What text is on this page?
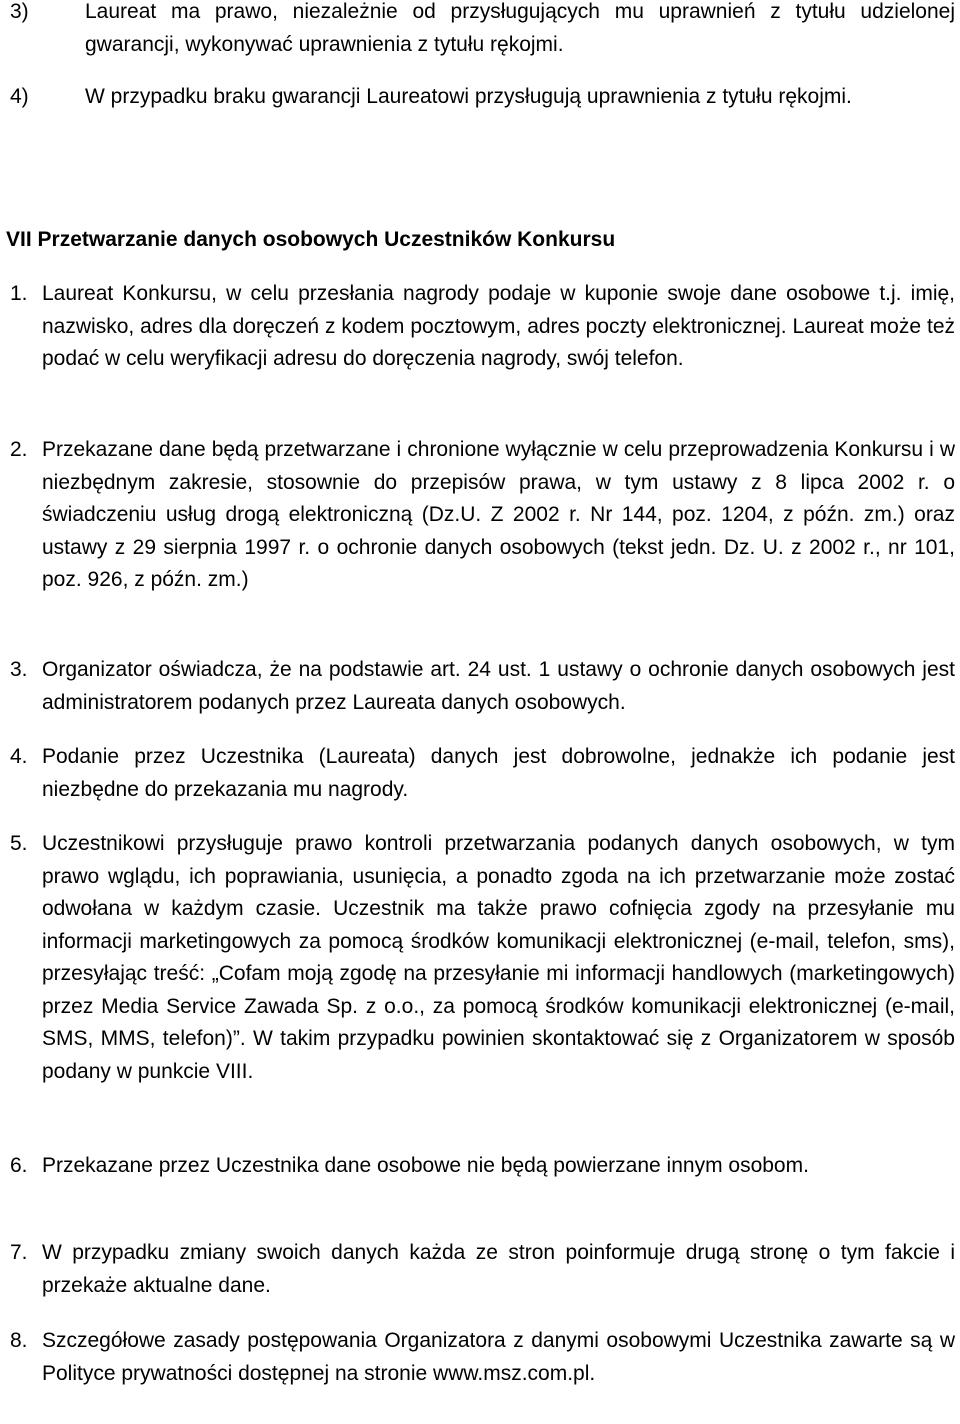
3)	Laureat ma prawo, niezależnie od przysługujących mu uprawnień z tytułu udzielonej gwarancji, wykonywać uprawnienia z tytułu rękojmi.
4)	W przypadku braku gwarancji Laureatowi przysługują uprawnienia z tytułu rękojmi.
VII Przetwarzanie danych osobowych Uczestników Konkursu
1. Laureat Konkursu, w celu przesłania nagrody podaje w kuponie swoje dane osobowe t.j. imię, nazwisko, adres dla doręczeń z kodem pocztowym, adres poczty elektronicznej. Laureat może też podać w celu weryfikacji adresu do doręczenia nagrody, swój telefon.
2. Przekazane dane będą przetwarzane i chronione wyłącznie w celu przeprowadzenia Konkursu i w niezbędnym zakresie, stosownie do przepisów prawa, w tym ustawy z 8 lipca 2002 r. o świadczeniu usług drogą elektroniczną (Dz.U. Z 2002 r. Nr 144, poz. 1204, z późn. zm.) oraz ustawy z 29 sierpnia 1997 r. o ochronie danych osobowych (tekst jedn. Dz. U. z 2002 r., nr 101, poz. 926, z późn. zm.)
3. Organizator oświadcza, że na podstawie art. 24 ust. 1 ustawy o ochronie danych osobowych jest administratorem podanych przez Laureata danych osobowych.
4. Podanie przez Uczestnika (Laureata) danych jest dobrowolne, jednakże ich podanie jest niezbędne do przekazania mu nagrody.
5. Uczestnikowi przysługuje prawo kontroli przetwarzania podanych danych osobowych, w tym prawo wglądu, ich poprawiania, usunięcia, a ponadto zgoda na ich przetwarzanie może zostać odwołana w każdym czasie. Uczestnik ma także prawo cofnięcia zgody na przesyłanie mu informacji marketingowych za pomocą środków komunikacji elektronicznej (e-mail, telefon, sms), przesyłając treść: „Cofam moją zgodę na przesyłanie mi informacji handlowych (marketingowych) przez Media Service Zawada Sp. z o.o., za pomocą środków komunikacji elektronicznej (e-mail, SMS, MMS, telefon)”. W takim przypadku powinien skontaktować się z Organizatorem w sposób podany w punkcie VIII.
6. Przekazane przez Uczestnika dane osobowe nie będą powierzane innym osobom.
7. W przypadku zmiany swoich danych każda ze stron poinformuje drugą stronę o tym fakcie i przekaże aktualne dane.
8. Szczegółowe zasady postępowania Organizatora z danymi osobowymi Uczestnika zawarte są w Polityce prywatności dostępnej na stronie www.msz.com.pl.
